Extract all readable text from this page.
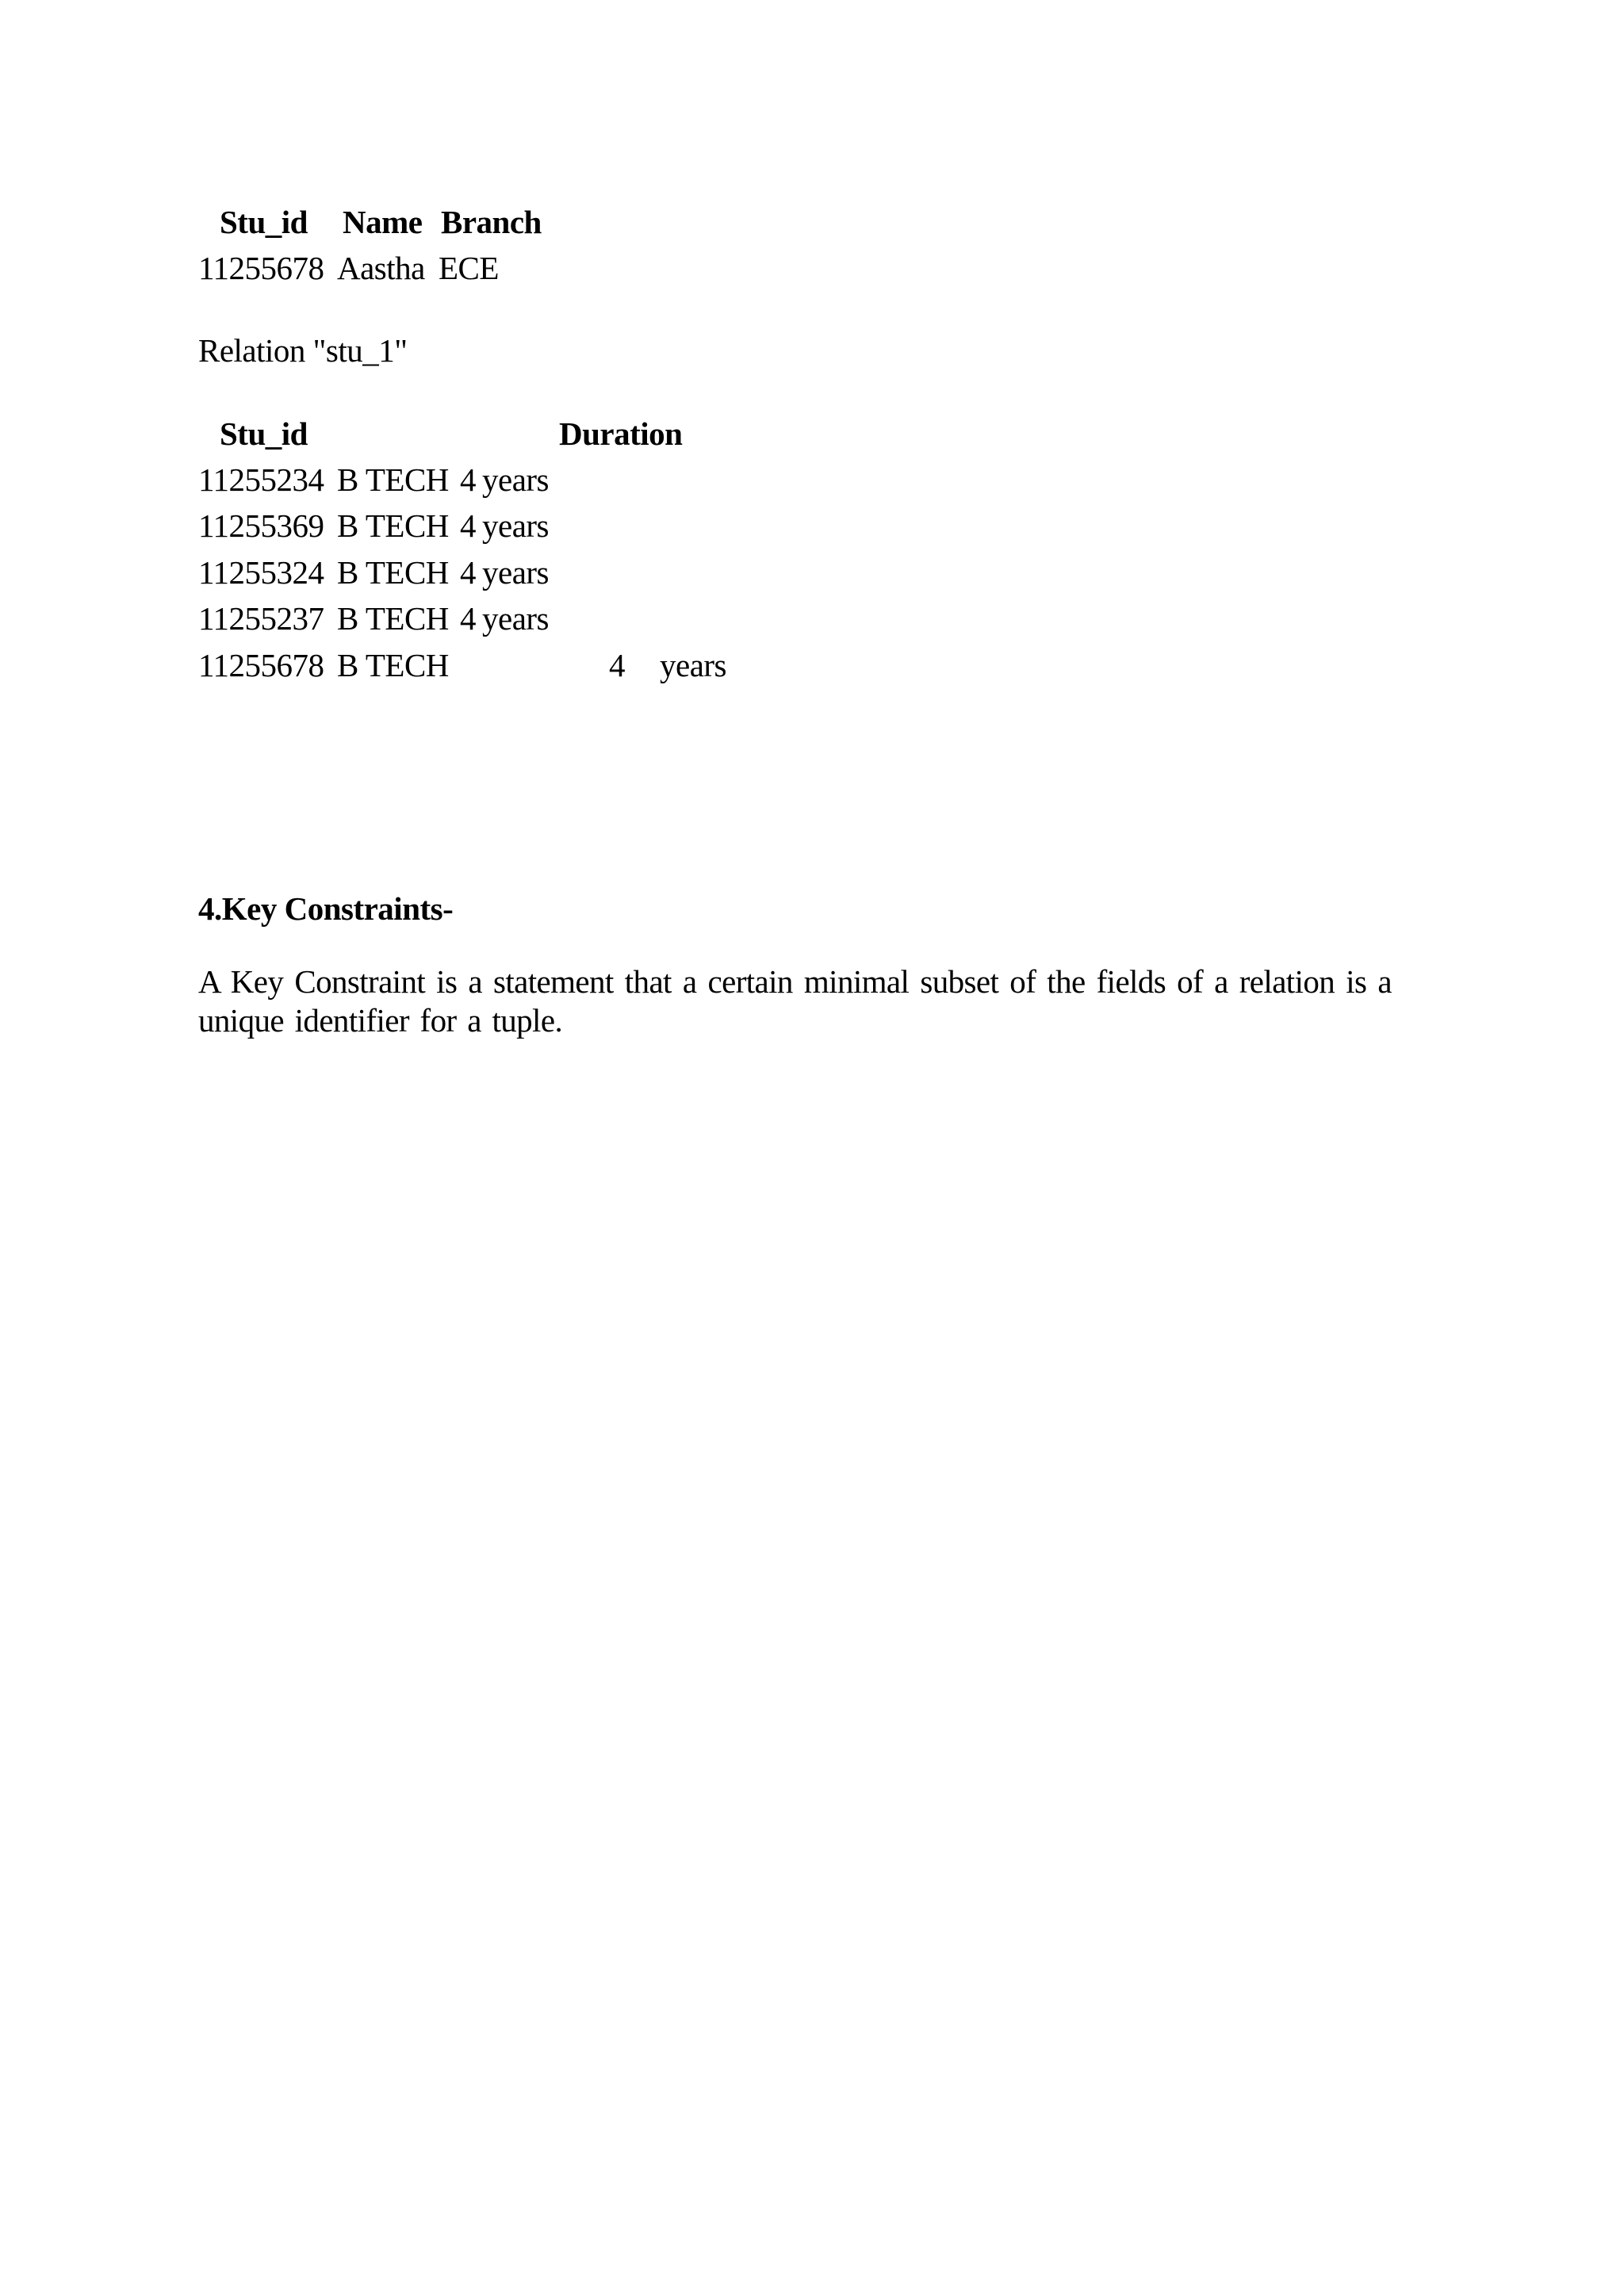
Stu_id Name Branch
11255678 Aastha ECE
Relation "stu_1"
Stu_id	Duration
11255234 B TECH 4 years
11255369 B TECH 4 years
11255324 B TECH 4 years
11255237 B TECH 4 years
11255678 B TECH	4 years
4.Key Constraints-
A Key Constraint is a statement that a certain minimal subset of the fields of a relation is a unique identifier for a tuple.
